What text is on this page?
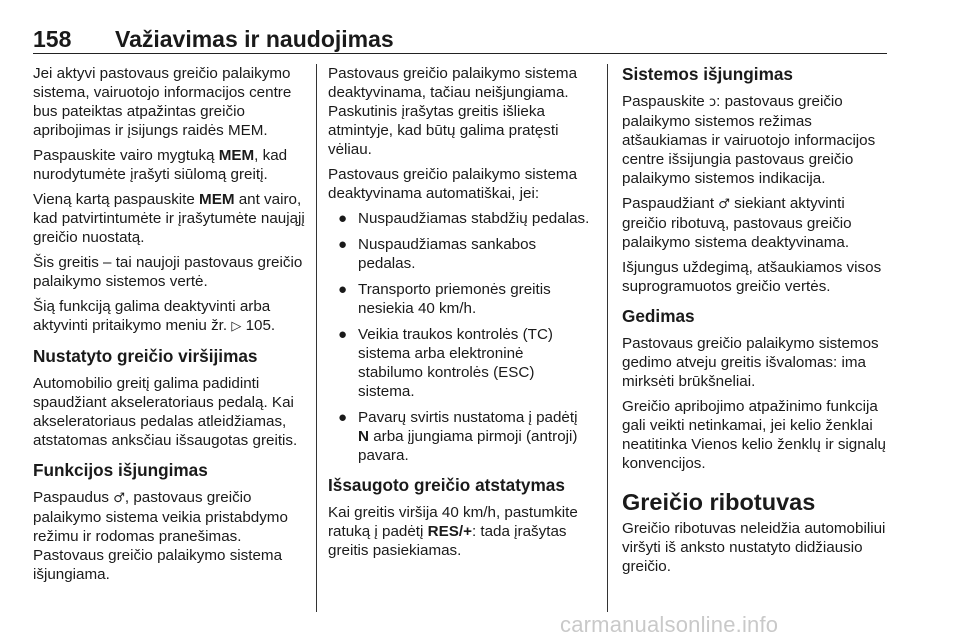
158 Važiavimas ir naudojimas

Jei aktyvi pastovaus greičio palaikymo sistema, vairuotojo informacijos centre bus pateiktas atpažintas greičio apribojimas ir įsijungs raidės MEM.

Paspauskite vairo mygtuką MEM, kad nurodytumėte įrašyti siūlomą greitį.

Vieną kartą paspauskite MEM ant vairo, kad patvirtintumėte ir įrašytumėte naująjį greičio nuostatą.

Šis greitis – tai naujoji pastovaus greičio palaikymo sistemos vertė.

Šią funkciją galima deaktyvinti arba aktyvinti pritaikymo meniu žr. ▷ 105.

Nustatyto greičio viršijimas

Automobilio greitį galima padidinti spaudžiant akseleratoriaus pedalą. Kai akseleratoriaus pedalas atleidžiamas, atstatomas anksčiau išsaugotas greitis.

Funkcijos išjungimas

Paspaudus ♂, pastovaus greičio palaikymo sistema veikia pristabdymo režimu ir rodomas pranešimas. Pastovaus greičio palaikymo sistema išjungiama.

Pastovaus greičio palaikymo sistema deaktyvinama, tačiau neišjungiama. Paskutinis įrašytas greitis išlieka atmintyje, kad būtų galima pratęsti vėliau.

Pastovaus greičio palaikymo sistema deaktyvinama automatiškai, jei:

● Nuspaudžiamas stabdžių pedalas.
● Nuspaudžiamas sankabos pedalas.
● Transporto priemonės greitis nesiekia 40 km/h.
● Veikia traukos kontrolės (TC) sistema arba elektroninė stabilumo kontrolės (ESC) sistema.
● Pavarų svirtis nustatoma į padėtį N arba įjungiama pirmoji (antroji) pavara.
Išsaugoto greičio atstatymas

Kai greitis viršija 40 km/h, pastumkite ratuką į padėtį RES/+: tada įrašytas greitis pasiekiamas.

Sistemos išjungimas

Paspauskite ↄ: pastovaus greičio palaikymo sistemos režimas atšaukiamas ir vairuotojo informacijos centre išsijungia pastovaus greičio palaikymo sistemos indikacija.

Paspaudžiant ♂ siekiant aktyvinti greičio ribotuvą, pastovaus greičio palaikymo sistema deaktyvinama.

Išjungus uždegimą, atšaukiamos visos suprogramuotos greičio vertės.

Gedimas

Pastovaus greičio palaikymo sistemos gedimo atveju greitis išvalomas: ima mirksėti brūkšneliai.

Greičio apribojimo atpažinimo funkcija gali veikti netinkamai, jei kelio ženklai neatitinka Vienos kelio ženklų ir signalų konvencijos.

Greičio ribotuvas

Greičio ribotuvas neleidžia automobiliui viršyti iš anksto nustatyto didžiausio greičio.

carmanualsonline.info
